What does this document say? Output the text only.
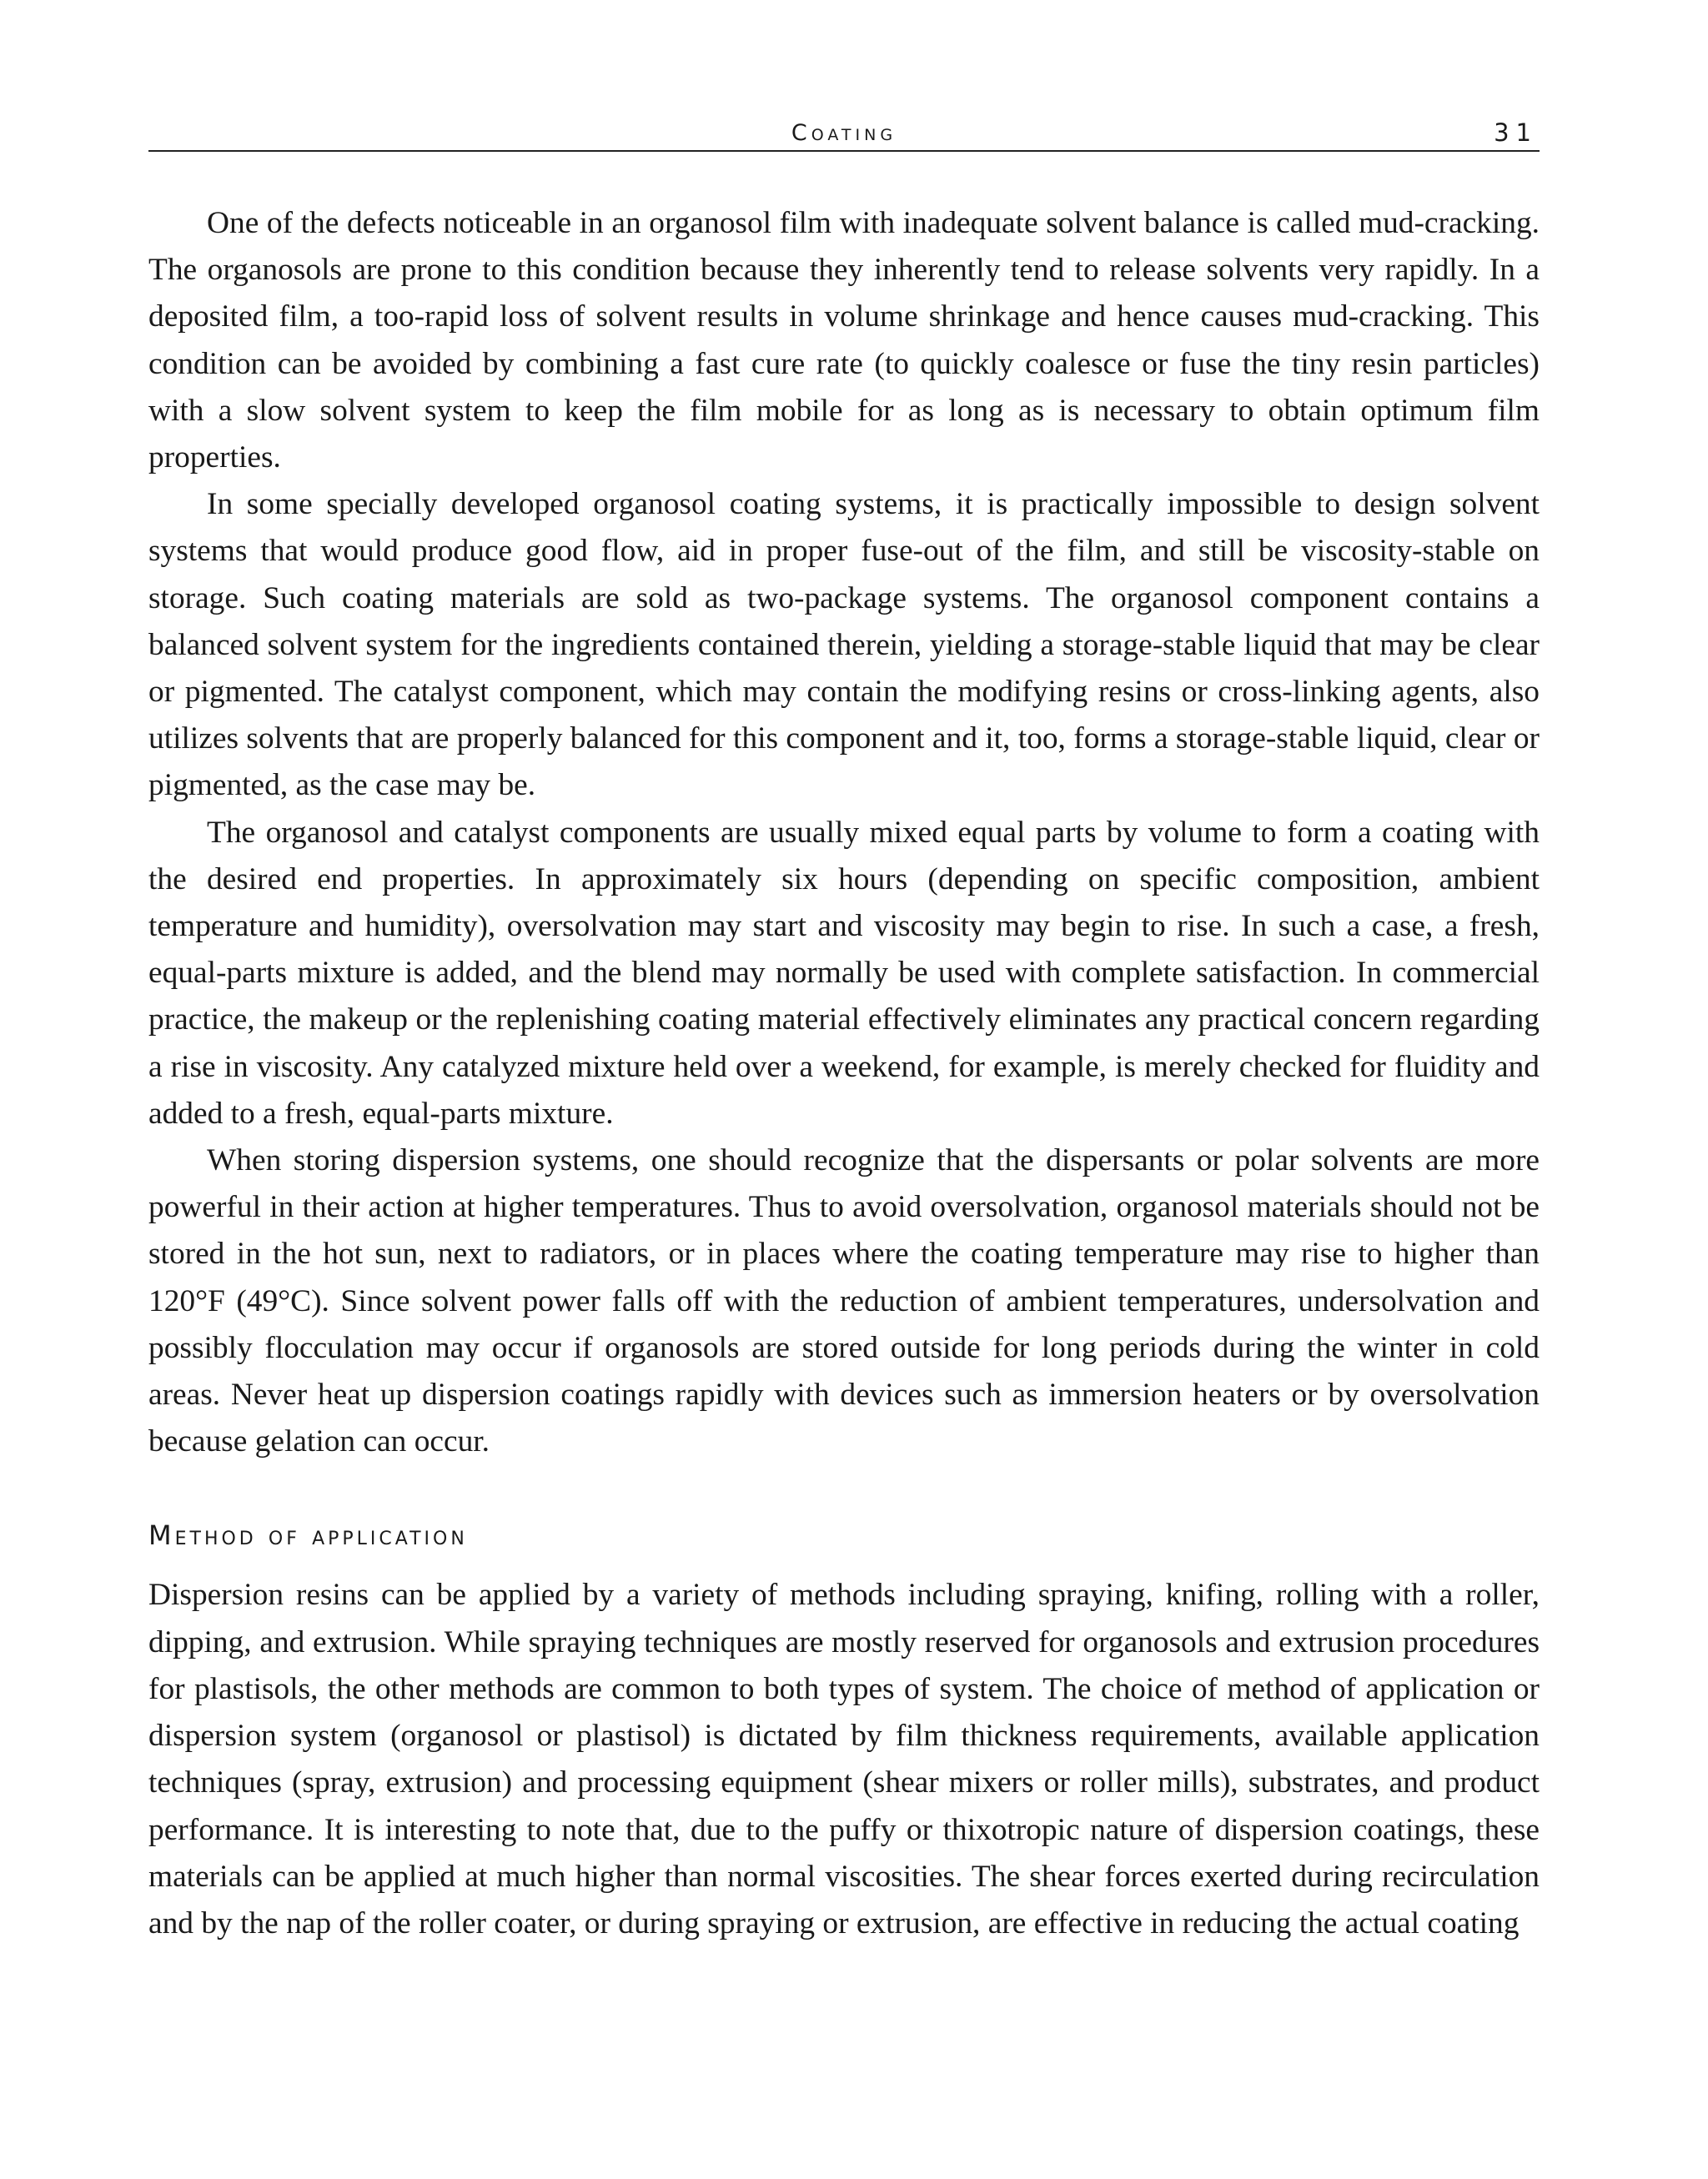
Coating	31

One of the defects noticeable in an organosol film with inadequate solvent balance is called mud-cracking. The organosols are prone to this condition because they inherently tend to release solvents very rapidly. In a deposited film, a too-rapid loss of solvent results in volume shrinkage and hence causes mud-cracking. This condition can be avoided by combining a fast cure rate (to quickly coalesce or fuse the tiny resin particles) with a slow solvent system to keep the film mobile for as long as is necessary to obtain optimum film properties.

In some specially developed organosol coating systems, it is practically impossible to design solvent systems that would produce good flow, aid in proper fuse-out of the film, and still be viscosity-stable on storage. Such coating materials are sold as two-package systems. The organosol component contains a balanced solvent system for the ingredients contained therein, yielding a storage-stable liquid that may be clear or pigmented. The catalyst component, which may contain the modifying resins or cross-linking agents, also utilizes solvents that are properly balanced for this component and it, too, forms a storage-stable liquid, clear or pigmented, as the case may be.

The organosol and catalyst components are usually mixed equal parts by volume to form a coating with the desired end properties. In approximately six hours (depending on specific composition, ambient temperature and humidity), oversolvation may start and viscosity may begin to rise. In such a case, a fresh, equal-parts mixture is added, and the blend may normally be used with complete satisfaction. In commercial practice, the makeup or the replenishing coating material effectively eliminates any practical concern regarding a rise in viscosity. Any catalyzed mixture held over a weekend, for example, is merely checked for fluidity and added to a fresh, equal-parts mixture.

When storing dispersion systems, one should recognize that the dispersants or polar solvents are more powerful in their action at higher temperatures. Thus to avoid oversolvation, organosol materials should not be stored in the hot sun, next to radiators, or in places where the coating temperature may rise to higher than 120°F (49°C). Since solvent power falls off with the reduction of ambient temperatures, undersolvation and possibly flocculation may occur if organosols are stored outside for long periods during the winter in cold areas. Never heat up dispersion coatings rapidly with devices such as immersion heaters or by oversolvation because gelation can occur.

Method of application

Dispersion resins can be applied by a variety of methods including spraying, knifing, rolling with a roller, dipping, and extrusion. While spraying techniques are mostly reserved for organosols and extrusion procedures for plastisols, the other methods are common to both types of system. The choice of method of application or dispersion system (organosol or plastisol) is dictated by film thickness requirements, available application techniques (spray, extrusion) and processing equipment (shear mixers or roller mills), substrates, and product performance. It is interesting to note that, due to the puffy or thixotropic nature of dispersion coatings, these materials can be applied at much higher than normal viscosities. The shear forces exerted during recirculation and by the nap of the roller coater, or during spraying or extrusion, are effective in reducing the actual coating
